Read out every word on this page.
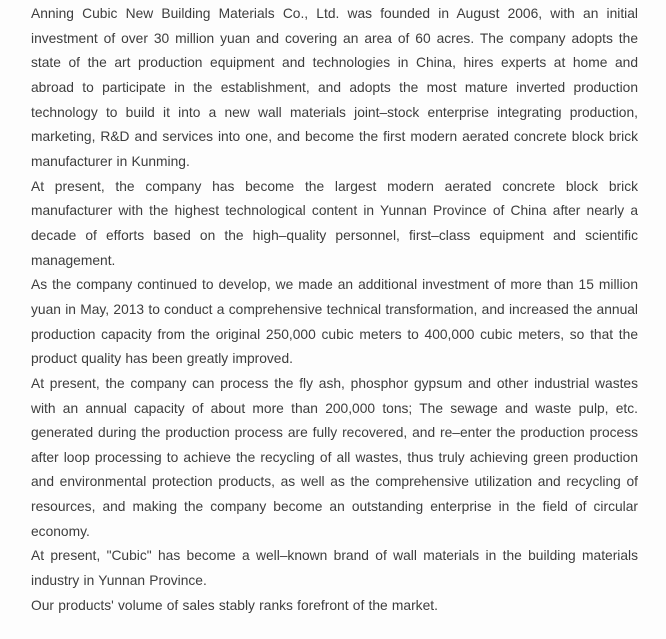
Anning Cubic New Building Materials Co., Ltd. was founded in August 2006, with an initial investment of over 30 million yuan and covering an area of 60 acres. The company adopts the state of the art production equipment and technologies in China, hires experts at home and abroad to participate in the establishment, and adopts the most mature inverted production technology to build it into a new wall materials joint–stock enterprise integrating production, marketing, R&D and services into one, and become the first modern aerated concrete block brick manufacturer in Kunming.

At present, the company has become the largest modern aerated concrete block brick manufacturer with the highest technological content in Yunnan Province of China after nearly a decade of efforts based on the high–quality personnel, first–class equipment and scientific management.

As the company continued to develop, we made an additional investment of more than 15 million yuan in May, 2013 to conduct a comprehensive technical transformation, and increased the annual production capacity from the original 250,000 cubic meters to 400,000 cubic meters, so that the product quality has been greatly improved.

At present, the company can process the fly ash, phosphor gypsum and other industrial wastes with an annual capacity of about more than 200,000 tons; The sewage and waste pulp, etc. generated during the production process are fully recovered, and re–enter the production process after loop processing to achieve the recycling of all wastes, thus truly achieving green production and environmental protection products, as well as the comprehensive utilization and recycling of resources, and making the company become an outstanding enterprise in the field of circular economy.

At present, "Cubic" has become a well–known brand of wall materials in the building materials industry in Yunnan Province.

Our products' volume of sales stably ranks forefront of the market.
